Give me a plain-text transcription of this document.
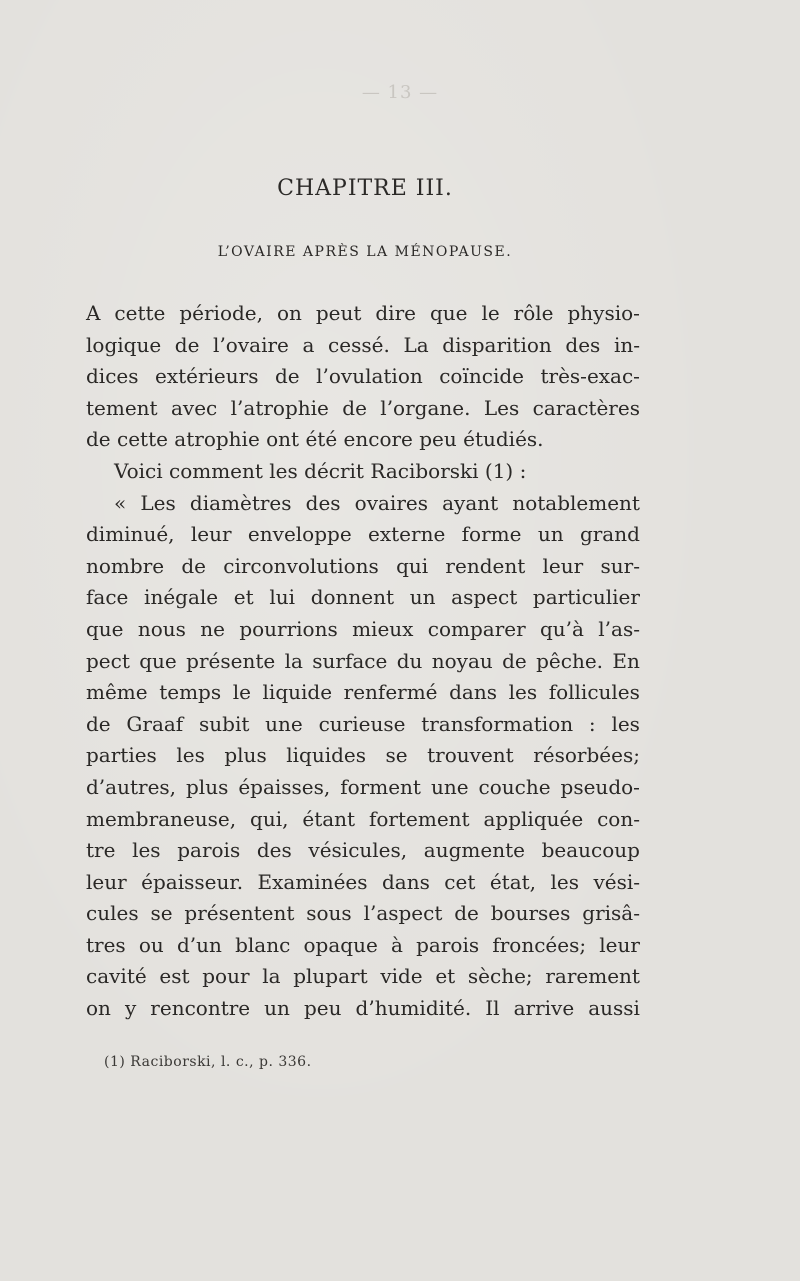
— 13 —
CHAPITRE III.
L’OVAIRE APRÈS LA MÉNOPAUSE.
A cette période, on peut dire que le rôle physio-
logique de l’ovaire a cessé. La disparition des in-
dices extérieurs de l’ovulation coïncide très-exac-
tement avec l’atrophie de l’organe. Les caractères
de cette atrophie ont été encore peu étudiés.
Voici comment les décrit Raciborski (1) :
« Les diamètres des ovaires ayant notablement
diminué, leur enveloppe externe forme un grand
nombre de circonvolutions qui rendent leur sur-
face inégale et lui donnent un aspect particulier
que nous ne pourrions mieux comparer qu’à l’as-
pect que présente la surface du noyau de pêche. En
même temps le liquide renfermé dans les follicules
de Graaf subit une curieuse transformation : les
parties les plus liquides se trouvent résorbées;
d’autres, plus épaisses, forment une couche pseudo-
membraneuse, qui, étant fortement appliquée con-
tre les parois des vésicules, augmente beaucoup
leur épaisseur. Examinées dans cet état, les vési-
cules se présentent sous l’aspect de bourses grisâ-
tres ou d’un blanc opaque à parois froncées; leur
cavité est pour la plupart vide et sèche; rarement
on y rencontre un peu d’humidité. Il arrive aussi
(1) Raciborski, l. c., p. 336.
